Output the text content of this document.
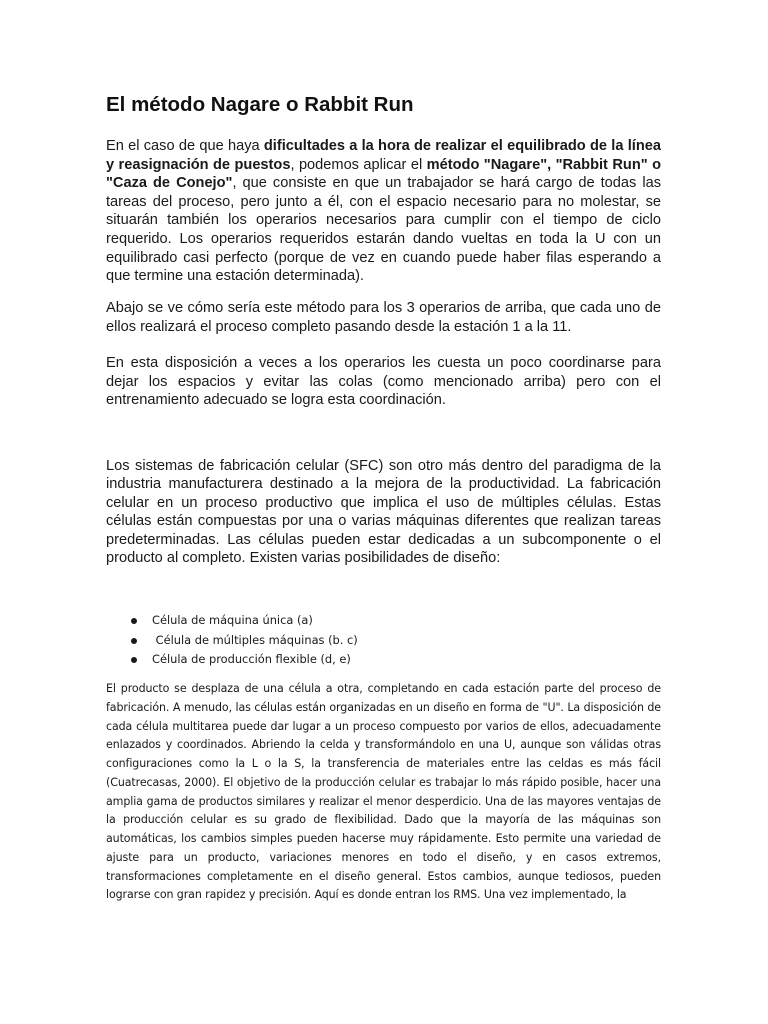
El método Nagare o Rabbit Run

En el caso de que haya dificultades a la hora de realizar el equilibrado de la línea y reasignación de puestos, podemos aplicar el método "Nagare", "Rabbit Run" o "Caza de Conejo", que consiste en que un trabajador se hará cargo de todas las tareas del proceso, pero junto a él, con el espacio necesario para no molestar, se situarán también los operarios necesarios para cumplir con el tiempo de ciclo requerido. Los operarios requeridos estarán dando vueltas en toda la U con un equilibrado casi perfecto (porque de vez en cuando puede haber filas esperando a que termine una estación determinada).

Abajo se ve cómo sería este método para los 3 operarios de arriba, que cada uno de ellos realizará el proceso completo pasando desde la estación 1 a la 11.

En esta disposición a veces a los operarios les cuesta un poco coordinarse para dejar los espacios y evitar las colas (como mencionado arriba) pero con el entrenamiento adecuado se logra esta coordinación.

Los sistemas de fabricación celular (SFC) son otro más dentro del paradigma de la industria manufacturera destinado a la mejora de la productividad. La fabricación celular en un proceso productivo que implica el uso de múltiples células. Estas células están compuestas por una o varias máquinas diferentes que realizan tareas predeterminadas. Las células pueden estar dedicadas a un subcomponente o el producto al completo. Existen varias posibilidades de diseño:

Célula de máquina única (a)
Célula de múltiples máquinas (b. c)
Célula de producción flexible (d, e)

El producto se desplaza de una célula a otra, completando en cada estación parte del proceso de fabricación. A menudo, las células están organizadas en un diseño en forma de "U". La disposición de cada célula multitarea puede dar lugar a un proceso compuesto por varios de ellos, adecuadamente enlazados y coordinados. Abriendo la celda y transformándolo en una U, aunque son válidas otras configuraciones como la L o la S, la transferencia de materiales entre las celdas es más fácil (Cuatrecasas, 2000). El objetivo de la producción celular es trabajar lo más rápido posible, hacer una amplia gama de productos similares y realizar el menor desperdicio. Una de las mayores ventajas de la producción celular es su grado de flexibilidad. Dado que la mayoría de las máquinas son automáticas, los cambios simples pueden hacerse muy rápidamente. Esto permite una variedad de ajuste para un producto, variaciones menores en todo el diseño, y en casos extremos, transformaciones completamente en el diseño general. Estos cambios, aunque tediosos, pueden lograrse con gran rapidez y precisión. Aquí es donde entran los RMS. Una vez implementado, la
